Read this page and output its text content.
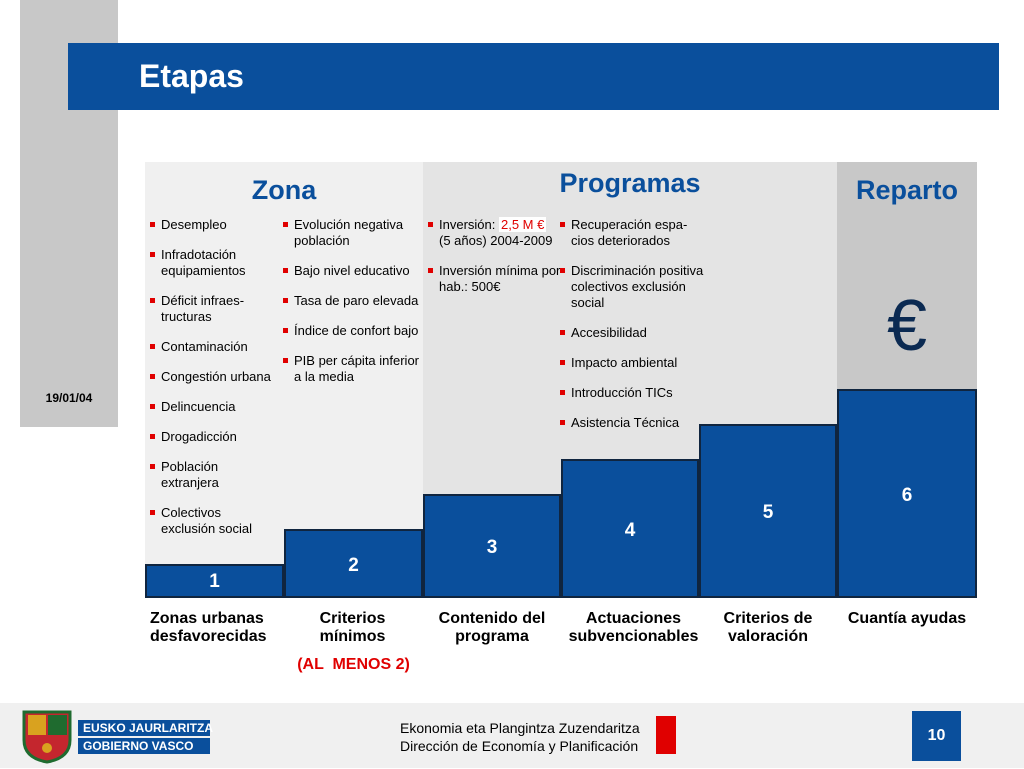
19/01/04
Etapas
Zona	Programas	Reparto
Desempleo
Infradotación equipamientos
Déficit infraes-tructuras
Contaminación
Congestión urbana
Delincuencia
Drogadicción
Población extranjera
Colectivos exclusión social
Evolución negativa población
Bajo nivel educativo
Tasa de paro elevada
Índice de confort bajo
PIB per cápita inferior a la media
Inversión: 2,5 M €
(5 años) 2004-2009
Inversión mínima por hab.: 500€
Recuperación espa-cios deteriorados
Discriminación positiva colectivos exclusión social
Accesibilidad
Impacto ambiental
Introducción TICs
Asistencia Técnica
€
1
2
3
4
5
6
Zonas urbanas desfavorecidas
Criterios mínimos
(AL  MENOS 2)
Contenido del programa
Actuaciones subvencionables
Criterios de valoración
Cuantía ayudas
EUSKO JAURLARITZA
GOBIERNO VASCO
Ekonomia eta Plangintza Zuzendaritza
Dirección de Economía y Planificación
10
